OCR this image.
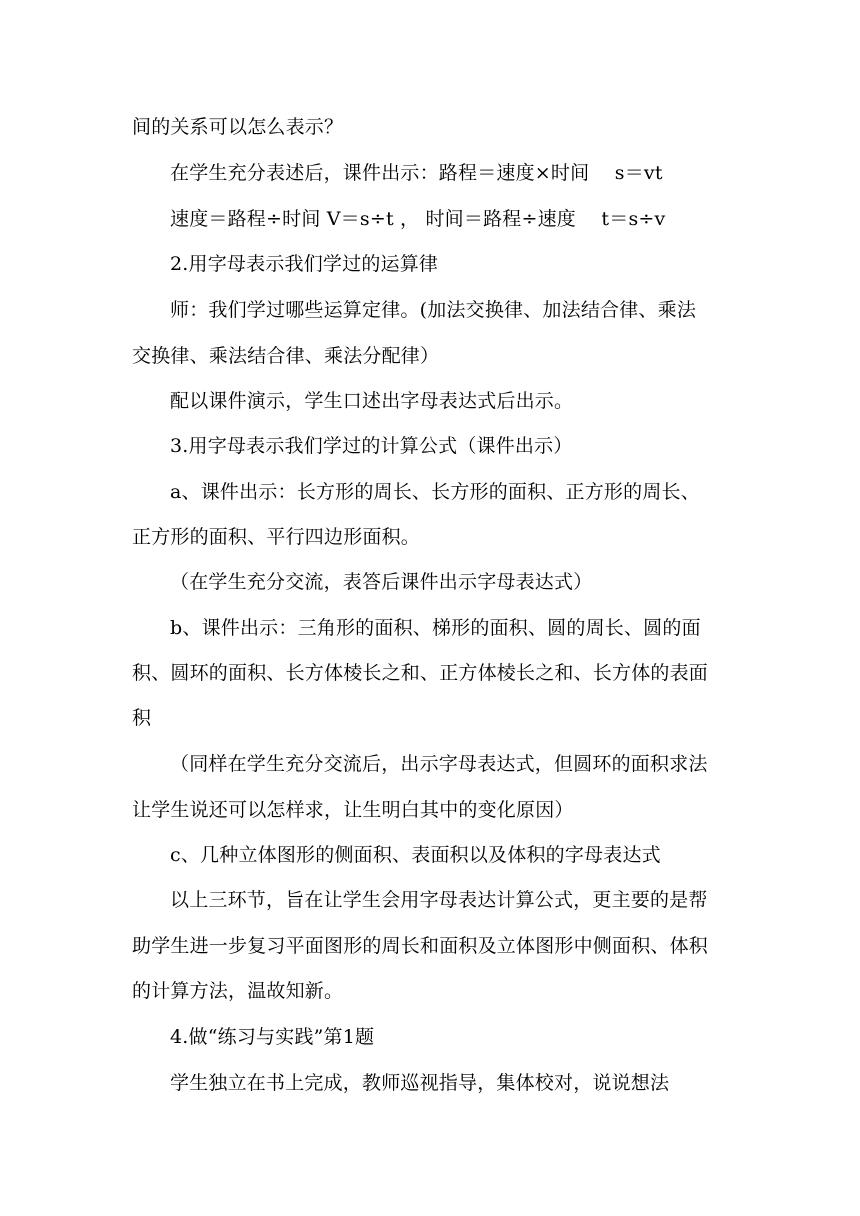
间的关系可以怎么表示？
在学生充分表述后，课件出示：路程＝速度×时间　 s＝vt
速度＝路程÷时间 V＝s÷t ， 时间＝路程÷速度　 t＝s÷v
2.用字母表示我们学过的运算律
师：我们学过哪些运算定律。(加法交换律、加法结合律、乘法
交换律、乘法结合律、乘法分配律）
配以课件演示，学生口述出字母表达式后出示。
3.用字母表示我们学过的计算公式（课件出示）
a、课件出示：长方形的周长、长方形的面积、正方形的周长、
正方形的面积、平行四边形面积。
（在学生充分交流，表答后课件出示字母表达式）
b、课件出示：三角形的面积、梯形的面积、圆的周长、圆的面
积、圆环的面积、长方体棱长之和、正方体棱长之和、长方体的表面
积
（同样在学生充分交流后，出示字母表达式，但圆环的面积求法
让学生说还可以怎样求，让生明白其中的变化原因）
c、几种立体图形的侧面积、表面积以及体积的字母表达式
以上三环节，旨在让学生会用字母表达计算公式，更主要的是帮
助学生进一步复习平面图形的周长和面积及立体图形中侧面积、体积
的计算方法，温故知新。
4.做“练习与实践”第1题
学生独立在书上完成，教师巡视指导，集体校对，说说想法
